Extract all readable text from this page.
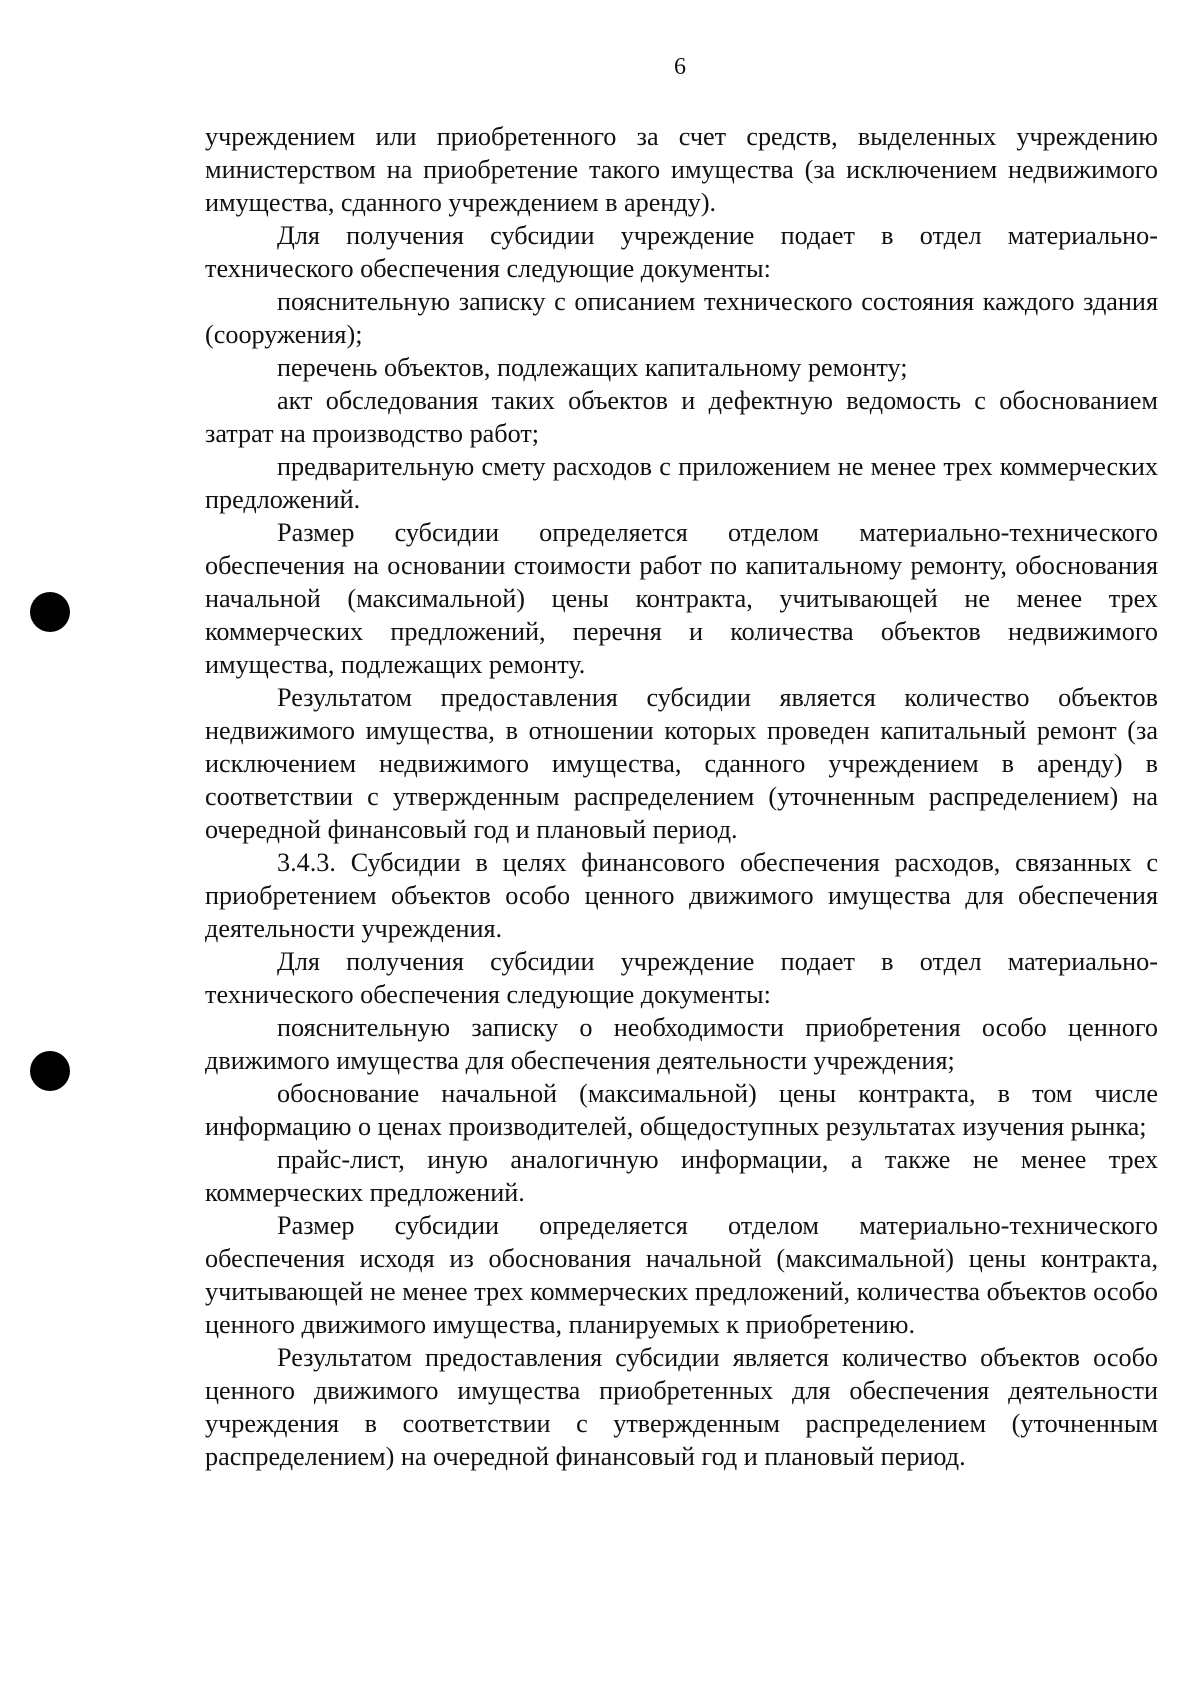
6

учреждением или приобретенного за счет средств, выделенных учреждению министерством на приобретение такого имущества (за исключением недвижимого имущества, сданного учреждением в аренду).

Для получения субсидии учреждение подает в отдел материально-технического обеспечения следующие документы:

пояснительную записку с описанием технического состояния каждого здания (сооружения);

перечень объектов, подлежащих капитальному ремонту;

акт обследования таких объектов и дефектную ведомость с обоснованием затрат на производство работ;

предварительную смету расходов с приложением не менее трех коммерческих предложений.

Размер субсидии определяется отделом материально-технического обеспечения на основании стоимости работ по капитальному ремонту, обоснования начальной (максимальной) цены контракта, учитывающей не менее трех коммерческих предложений, перечня и количества объектов недвижимого имущества, подлежащих ремонту.

Результатом предоставления субсидии является количество объектов недвижимого имущества, в отношении которых проведен капитальный ремонт (за исключением недвижимого имущества, сданного учреждением в аренду) в соответствии с утвержденным распределением (уточненным распределением) на очередной финансовый год и плановый период.

3.4.3. Субсидии в целях финансового обеспечения расходов, связанных с приобретением объектов особо ценного движимого имущества для обеспечения деятельности учреждения.

Для получения субсидии учреждение подает в отдел материально-технического обеспечения следующие документы:

пояснительную записку о необходимости приобретения особо ценного движимого имущества для обеспечения деятельности учреждения;

обоснование начальной (максимальной) цены контракта, в том числе информацию о ценах производителей, общедоступных результатах изучения рынка;

прайс-лист, иную аналогичную информации, а также не менее трех коммерческих предложений.

Размер субсидии определяется отделом материально-технического обеспечения исходя из обоснования начальной (максимальной) цены контракта, учитывающей не менее трех коммерческих предложений, количества объектов особо ценного движимого имущества, планируемых к приобретению.

Результатом предоставления субсидии является количество объектов особо ценного движимого имущества приобретенных для обеспечения деятельности учреждения в соответствии с утвержденным распределением (уточненным распределением) на очередной финансовый год и плановый период.
